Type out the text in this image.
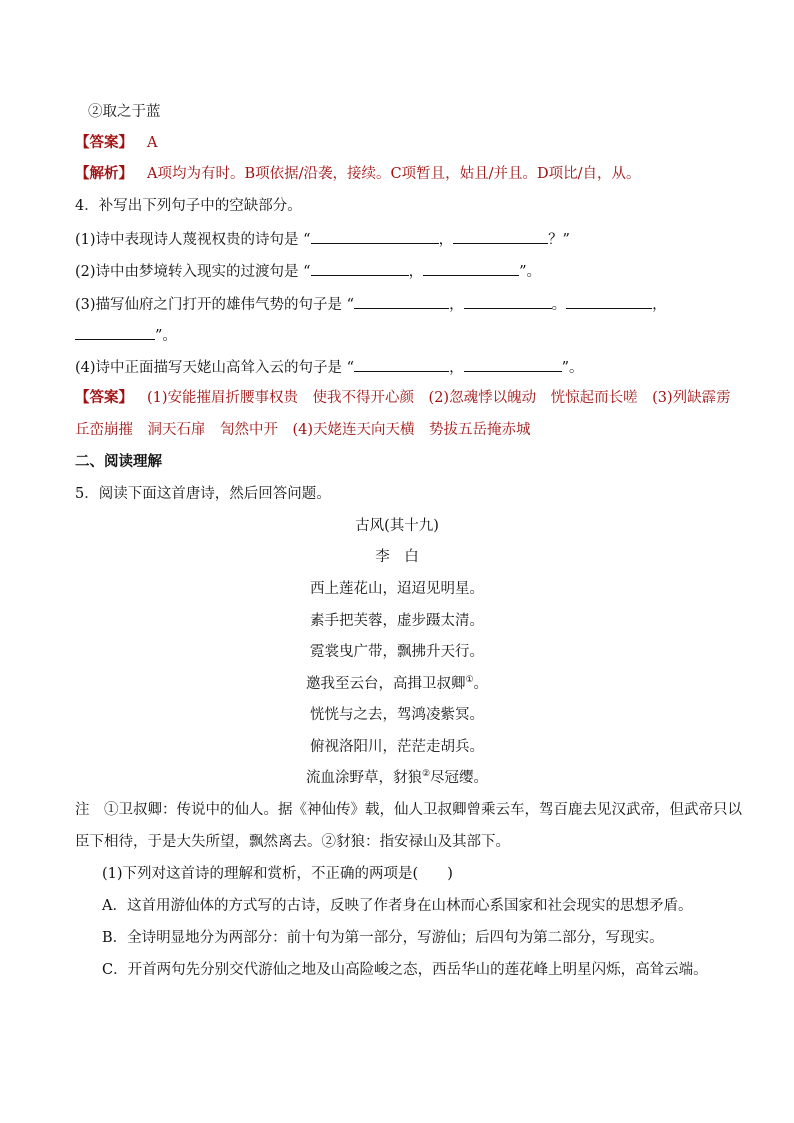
②取之于蓝
【答案】 A
【解析】 A项均为有时。B项依据/沿袭，接续。C项暂且，姑且/并且。D项比/自，从。
4．补写出下列句子中的空缺部分。
(1)诗中表现诗人蔑视权贵的诗句是 “	，	？”
(2)诗中由梦境转入现实的过渡句是 “	，	”。
(3)描写仙府之门打开的雄伟气势的句子是 “	，	。	，
”。
(4)诗中正面描写天姥山高耸入云的句子是 “	，	”。
【答案】 (1)安能摧眉折腰事权贵　使我不得开心颜　(2)忽魂悸以魄动　恍惊起而长嗟　(3)列缺霹雳
丘峦崩摧　洞天石扉　訇然中开　(4)天姥连天向天横　势拔五岳掩赤城
二、阅读理解
5．阅读下面这首唐诗，然后回答问题。
古风(其十九)
李　白
西上莲花山，迢迢见明星。
素手把芙蓉，虚步蹑太清。
霓裳曳广带，飘拂升天行。
邀我至云台，高揖卫叔卿①。
恍恍与之去，驾鸿凌紫冥。
俯视洛阳川，茫茫走胡兵。
流血涂野草，豺狼②尽冠缨。
注　①卫叔卿：传说中的仙人。据《神仙传》载，仙人卫叔卿曾乘云车，驾百鹿去见汉武帝，但武帝只以
臣下相待，于是大失所望，飘然离去。②豺狼：指安禄山及其部下。
(1)下列对这首诗的理解和赏析，不正确的两项是(　　)
A．这首用游仙体的方式写的古诗，反映了作者身在山林而心系国家和社会现实的思想矛盾。
B．全诗明显地分为两部分：前十句为第一部分，写游仙；后四句为第二部分，写现实。
C．开首两句先分别交代游仙之地及山高险峻之态，西岳华山的莲花峰上明星闪烁，高耸云端。
